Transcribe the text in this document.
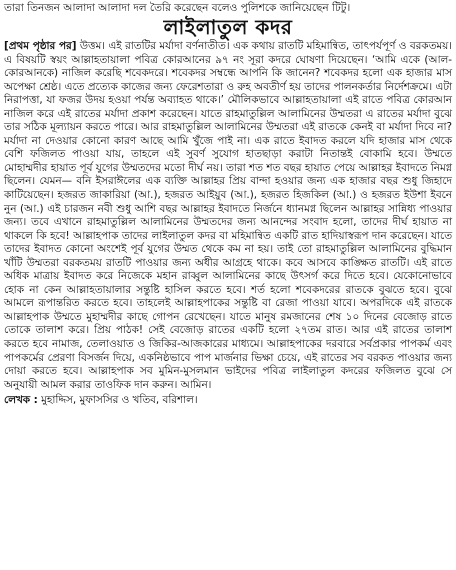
তারা তিনজন আলাদা আলাদা দল তৈরি করেছেন বলেও পুলিশকে জানিয়েছেন টিটু।
লাইলাতুল কদর

[প্রথম পৃষ্ঠার পর] উত্তম। এই রাতটির মর্যাদা বর্ণনাতীত। এক কথায় রাতটি মহিমান্বিত, তাৎপর্যপূর্ণ ও বরকতময়। এ বিষয়টি স্বয়ং আল্লাহতায়ালা পবিত্র কোরআনের ৯৭ নং সূরা কদরে ঘোষণা দিয়েছেন। ‘আমি একে (আল- কোরআনকে) নাজিল করেছি শবেকদরে। শবেকদর সম্বন্ধে আপনি কি জানেন? শবেকদর হলো এক হাজার মাস অপেক্ষা শ্রেষ্ঠ। এতে প্রত্যেক কাজের জন্য ফেরেশতারা ও রুহ অবতীর্ণ হয় তাদের পালনকর্তার নির্দেশক্রমে। এটা নিরাপত্তা, যা ফজর উদয় হওয়া পর্যন্ত অব্যাহত থাকে।’ মৌলিকভাবে আল্লাহতায়ালা এই রাতে পবিত্র কোরআন নাজিল করে এই রাতের মর্যাদা প্রকাশ করেছেন। যাতে রাহমাতুল্লিল আলামিনের উম্মতরা এ রাতের মর্যাদা বুঝে তার সঠিক মূল্যায়ন করতে পারে। আর রাহমাতুল্লিল আলামিনের উম্মতরা এই রাতকে কেনই বা মর্যাদা দিবে না? মর্যাদা না দেওয়ার কোনো কারণ আছে আমি খুঁজে পাই না। এক রাতে ইবাদত করলে যদি হাজার মাস থেকে বেশি ফজিলত পাওয়া যায়, তাহলে এই সুবর্ণ সুযোগ হাতছাড়া করাটা নিতান্তই বোকামি হবে। উম্মতে মোহাম্মদীর হায়াত পূর্ব যুগের উম্মতদের মতো দীর্ঘ নয়। তারা শত শত বছর হায়াত পেয়ে আল্লাহর ইবাদতে নিমগ্ন ছিলেন। যেমন— বনি ইসরাঈলের এক ব্যক্তি আল্লাহর প্রিয় বান্দা হওয়ার জন্য এক হাজার বছর শুধু জিহাদে কাটিয়েছেন। হজরত জাকারিয়া (আ.), হজরত আইয়ুব (আ.), হজরত হিজকিল (আ.) ও হজরত ইউশা ইবনে নুন (আ.) এই চারজন নবী শুধু আশি বছর আল্লাহর ইবাদতে নির্জনে ধ্যানমগ্ন ছিলেন আল্লাহর সান্নিধ্য পাওয়ার জন্য। তবে এখানে রাহমাতুল্লিল আলামিনের উম্মতদের জন্য আনন্দের সংবাদ হলো, তাদের দীর্ঘ হায়াত না থাকলে কি হবে! আল্লাহপাক তাদের লাইলাতুল কদর বা মহিমান্বিত একটি রাত হাদিয়াস্বরূপ দান করেছেন। যাতে তাদের ইবাদত কোনো অংশেই পূর্ব যুগের উম্মত থেকে কম না হয়। তাই তো রাহমাতুল্লিল আলামিনের বুদ্ধিমান খাঁটি উম্মতরা বরকতময় রাতটি পাওয়ার জন্য অধীর আগ্রহে থাকে। কবে আসবে কাঙ্ক্ষিত রাতটি। এই রাতে অধিক মাত্রায় ইবাদত করে নিজেকে মহান রাব্বুল আলামিনের কাছে উৎসর্গ করে দিতে হবে। যেকোনোভাবে হোক না কেন আল্লাহতায়ালার সন্তুষ্টি হাসিল করতে হবে। শর্ত হলো শবেকদরের রাতকে বুঝতে হবে। বুঝে আমলে রূপান্তরিত করতে হবে। তাহলেই আল্লাহপাকের সন্তুষ্টি বা রেজা পাওয়া যাবে। অপরদিকে এই রাতকে আল্লাহপাক উম্মতে মুহাম্মদীর কাছে গোপন রেখেছেন। যাতে মানুষ রমজানের শেষ ১০ দিনের বেজোড় রাতে তোকে তালাশ করে। প্রিয় পাঠক! সেই বেজোড় রাতের একটি হলো ২৭তম রাত। আর এই রাতের তালাশ করতে হবে নামাজ, তেলাওয়াত ও জিকির-আজকারের মাধ্যমে। আল্লাহপাকের দরবারে সর্বপ্রকার পাপকর্ম এবং পাপকর্মের প্রেরণা বিসর্জন দিয়ে, একনিষ্ঠভাবে পাপ মার্জনার ভিক্ষা চেয়ে, এই রাতের সব বরকত পাওয়ার জন্য দোয়া করতে হবে। আল্লাহপাক সব মুমিন-মুসলমান ভাইদের পবিত্র লাইলাতুল কদরের ফজিলত বুঝে সে অনুযায়ী আমল করার তাওফিক দান করুন। আমিন।

লেখক : মুহাদ্দিস, মুফাসসির ও খতিব, বরিশাল।
